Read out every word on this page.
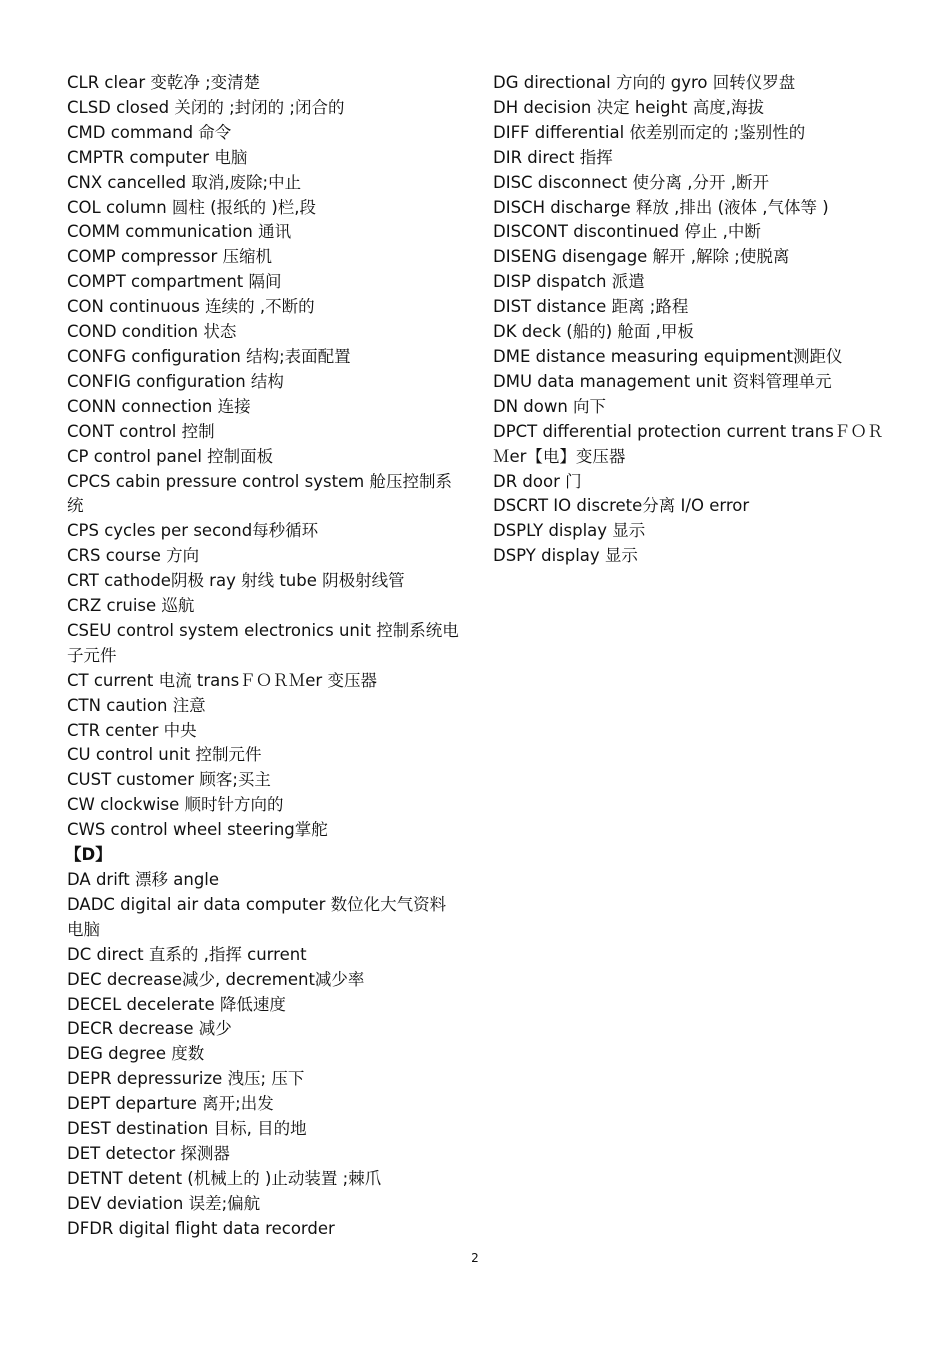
CLR clear 变乾净 ;变清楚
CLSD closed 关闭的 ;封闭的 ;闭合的
CMD command 命令
CMPTR computer 电脑
CNX cancelled 取消,废除;中止
COL column 圆柱 (报纸的 )栏,段
COMM communication 通讯
COMP compressor 压缩机
COMPT compartment 隔间
CON continuous 连续的 ,不断的
COND condition 状态
CONFG configuration 结构;表面配置
CONFIG configuration 结构
CONN connection 连接
CONT control 控制
CP control panel 控制面板
CPCS cabin pressure control system 舱压控制系统
CPS cycles per second每秒循环
CRS course 方向
CRT cathode阴极 ray 射线 tube 阴极射线管
CRZ cruise 巡航
CSEU control system electronics unit 控制系统电子元件
CT current 电流 transＦＯＲＭer 变压器
CTN caution 注意
CTR center 中央
CU control unit 控制元件
CUST customer 顾客;买主
CW clockwise 顺时针方向的
CWS control wheel steering掌舵
【D】
DA drift 漂移 angle
DADC digital air data computer 数位化大气资料电脑
DC direct 直系的 ,指挥 current
DEC decrease减少, decrement减少率
DECEL decelerate 降低速度
DECR decrease 减少
DEG degree 度数
DEPR depressurize 洩压; 压下
DEPT departure 离开;出发
DEST destination 目标, 目的地
DET detector 探测器
DETNT detent (机械上的 )止动装置 ;棘爪
DEV deviation 误差;偏航
DFDR digital flight data recorder
DG directional 方向的 gyro 回转仪罗盘
DH decision 决定 height 高度,海拔
DIFF differential 依差别而定的 ;鉴别性的
DIR direct 指挥
DISC disconnect 使分离 ,分开 ,断开
DISCH discharge 释放 ,排出 (液体 ,气体等 )
DISCONT discontinued 停止 ,中断
DISENG disengage 解开 ,解除 ;使脱离
DISP dispatch 派遣
DIST distance 距离 ;路程
DK deck (船的) 舱面 ,甲板
DME distance measuring equipment测距仪
DMU data management unit 资料管理单元
DN down 向下
DPCT differential protection current transＦＯＲＭer【电】变压器
DR door 门
DSCRT IO discrete分离 I/O error
DSPLY display 显示
DSPY display 显示
2
